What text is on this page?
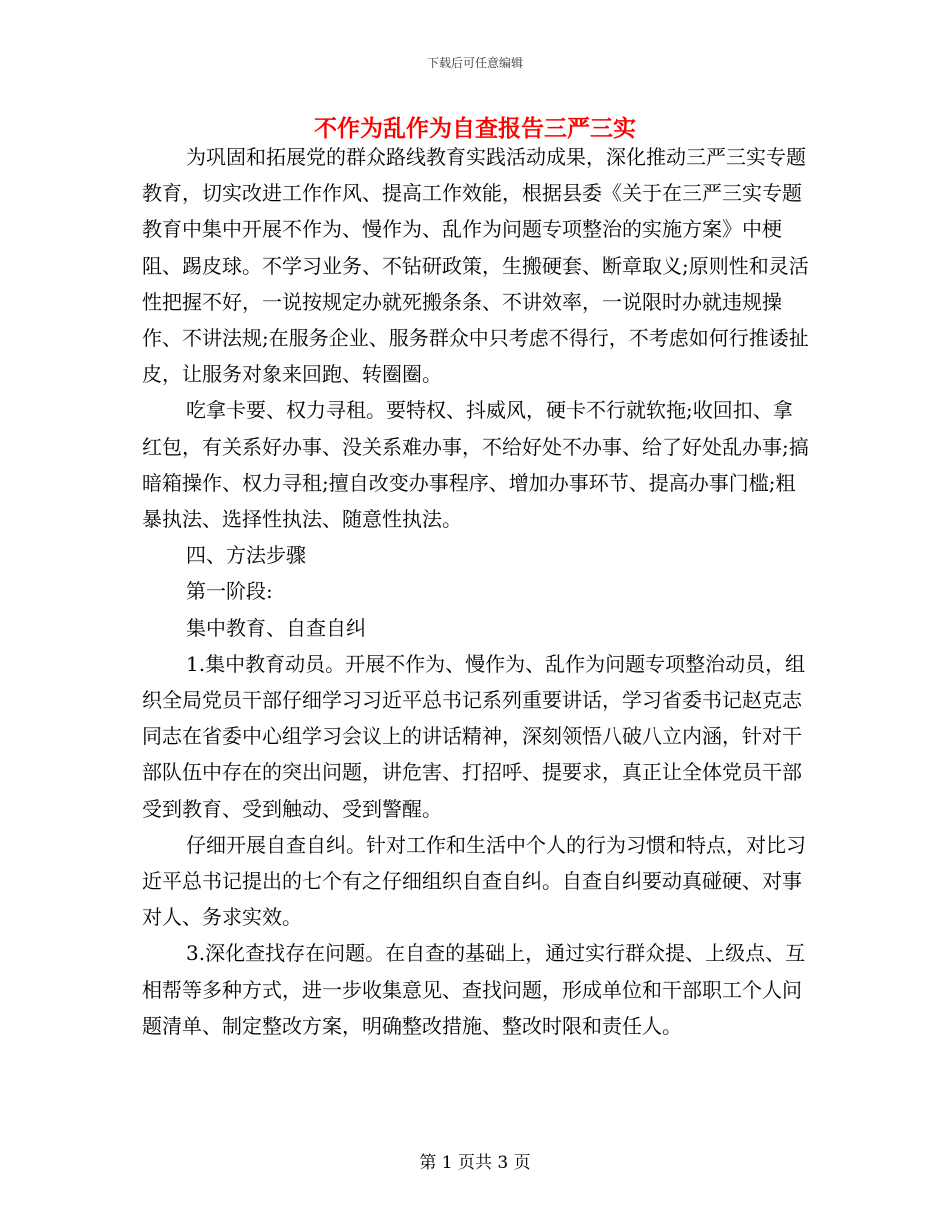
下载后可任意编辑
不作为乱作为自查报告三严三实

为巩固和拓展党的群众路线教育实践活动成果，深化推动三严三实专题教育，切实改进工作作风、提高工作效能，根据县委《关于在三严三实专题教育中集中开展不作为、慢作为、乱作为问题专项整治的实施方案》中梗阻、踢皮球。不学习业务、不钻研政策，生搬硬套、断章取义;原则性和灵活性把握不好，一说按规定办就死搬条条、不讲效率，一说限时办就违规操作、不讲法规;在服务企业、服务群众中只考虑不得行，不考虑如何行推诿扯皮，让服务对象来回跑、转圈圈。

吃拿卡要、权力寻租。要特权、抖威风，硬卡不行就软拖;收回扣、拿红包，有关系好办事、没关系难办事，不给好处不办事、给了好处乱办事;搞暗箱操作、权力寻租;擅自改变办事程序、增加办事环节、提高办事门槛;粗暴执法、选择性执法、随意性执法。

四、方法步骤

第一阶段:

集中教育、自查自纠

1.集中教育动员。开展不作为、慢作为、乱作为问题专项整治动员，组织全局党员干部仔细学习习近平总书记系列重要讲话，学习省委书记赵克志同志在省委中心组学习会议上的讲话精神，深刻领悟八破八立内涵，针对干部队伍中存在的突出问题，讲危害、打招呼、提要求，真正让全体党员干部受到教育、受到触动、受到警醒。

仔细开展自查自纠。针对工作和生活中个人的行为习惯和特点，对比习近平总书记提出的七个有之仔细组织自查自纠。自查自纠要动真碰硬、对事对人、务求实效。

3.深化查找存在问题。在自查的基础上，通过实行群众提、上级点、互相帮等多种方式，进一步收集意见、查找问题，形成单位和干部职工个人问题清单、制定整改方案，明确整改措施、整改时限和责任人。

第 1 页共 3 页
